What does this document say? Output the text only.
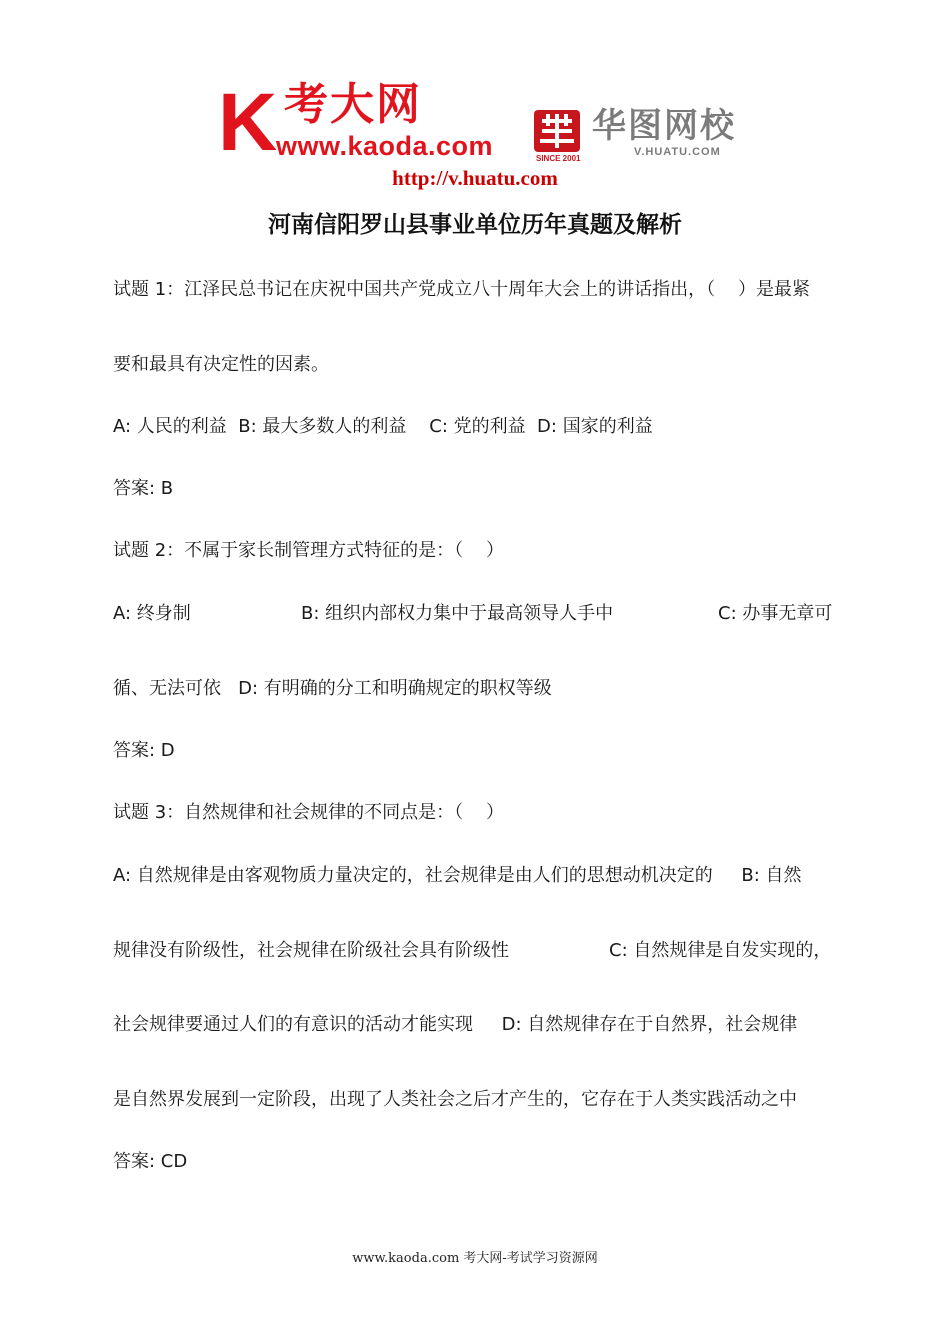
K 考大网
www.kaoda.com	SINCE 2001
华图网校
V.HUATU.COM
http://v.huatu.com
河南信阳罗山县事业单位历年真题及解析
试题 1：江泽民总书记在庆祝中国共产党成立八十周年大会上的讲话指出，（    ）是最紧
要和最具有决定性的因素。
A: 人民的利益  B: 最大多数人的利益    C: 党的利益  D: 国家的利益
答案: B
试题 2：不属于家长制管理方式特征的是：（    ）
A: 终身制	B: 组织内部权力集中于最高领导人手中	C: 办事无章可
循、无法可依   D: 有明确的分工和明确规定的职权等级
答案: D
试题 3：自然规律和社会规律的不同点是：（    ）
A: 自然规律是由客观物质力量决定的，社会规律是由人们的思想动机决定的     B: 自然
规律没有阶级性，社会规律在阶级社会具有阶级性	C: 自然规律是自发实现的，
社会规律要通过人们的有意识的活动才能实现     D: 自然规律存在于自然界，社会规律
是自然界发展到一定阶段，出现了人类社会之后才产生的，它存在于人类实践活动之中
答案: CD
www.kaoda.com 考大网-考试学习资源网
